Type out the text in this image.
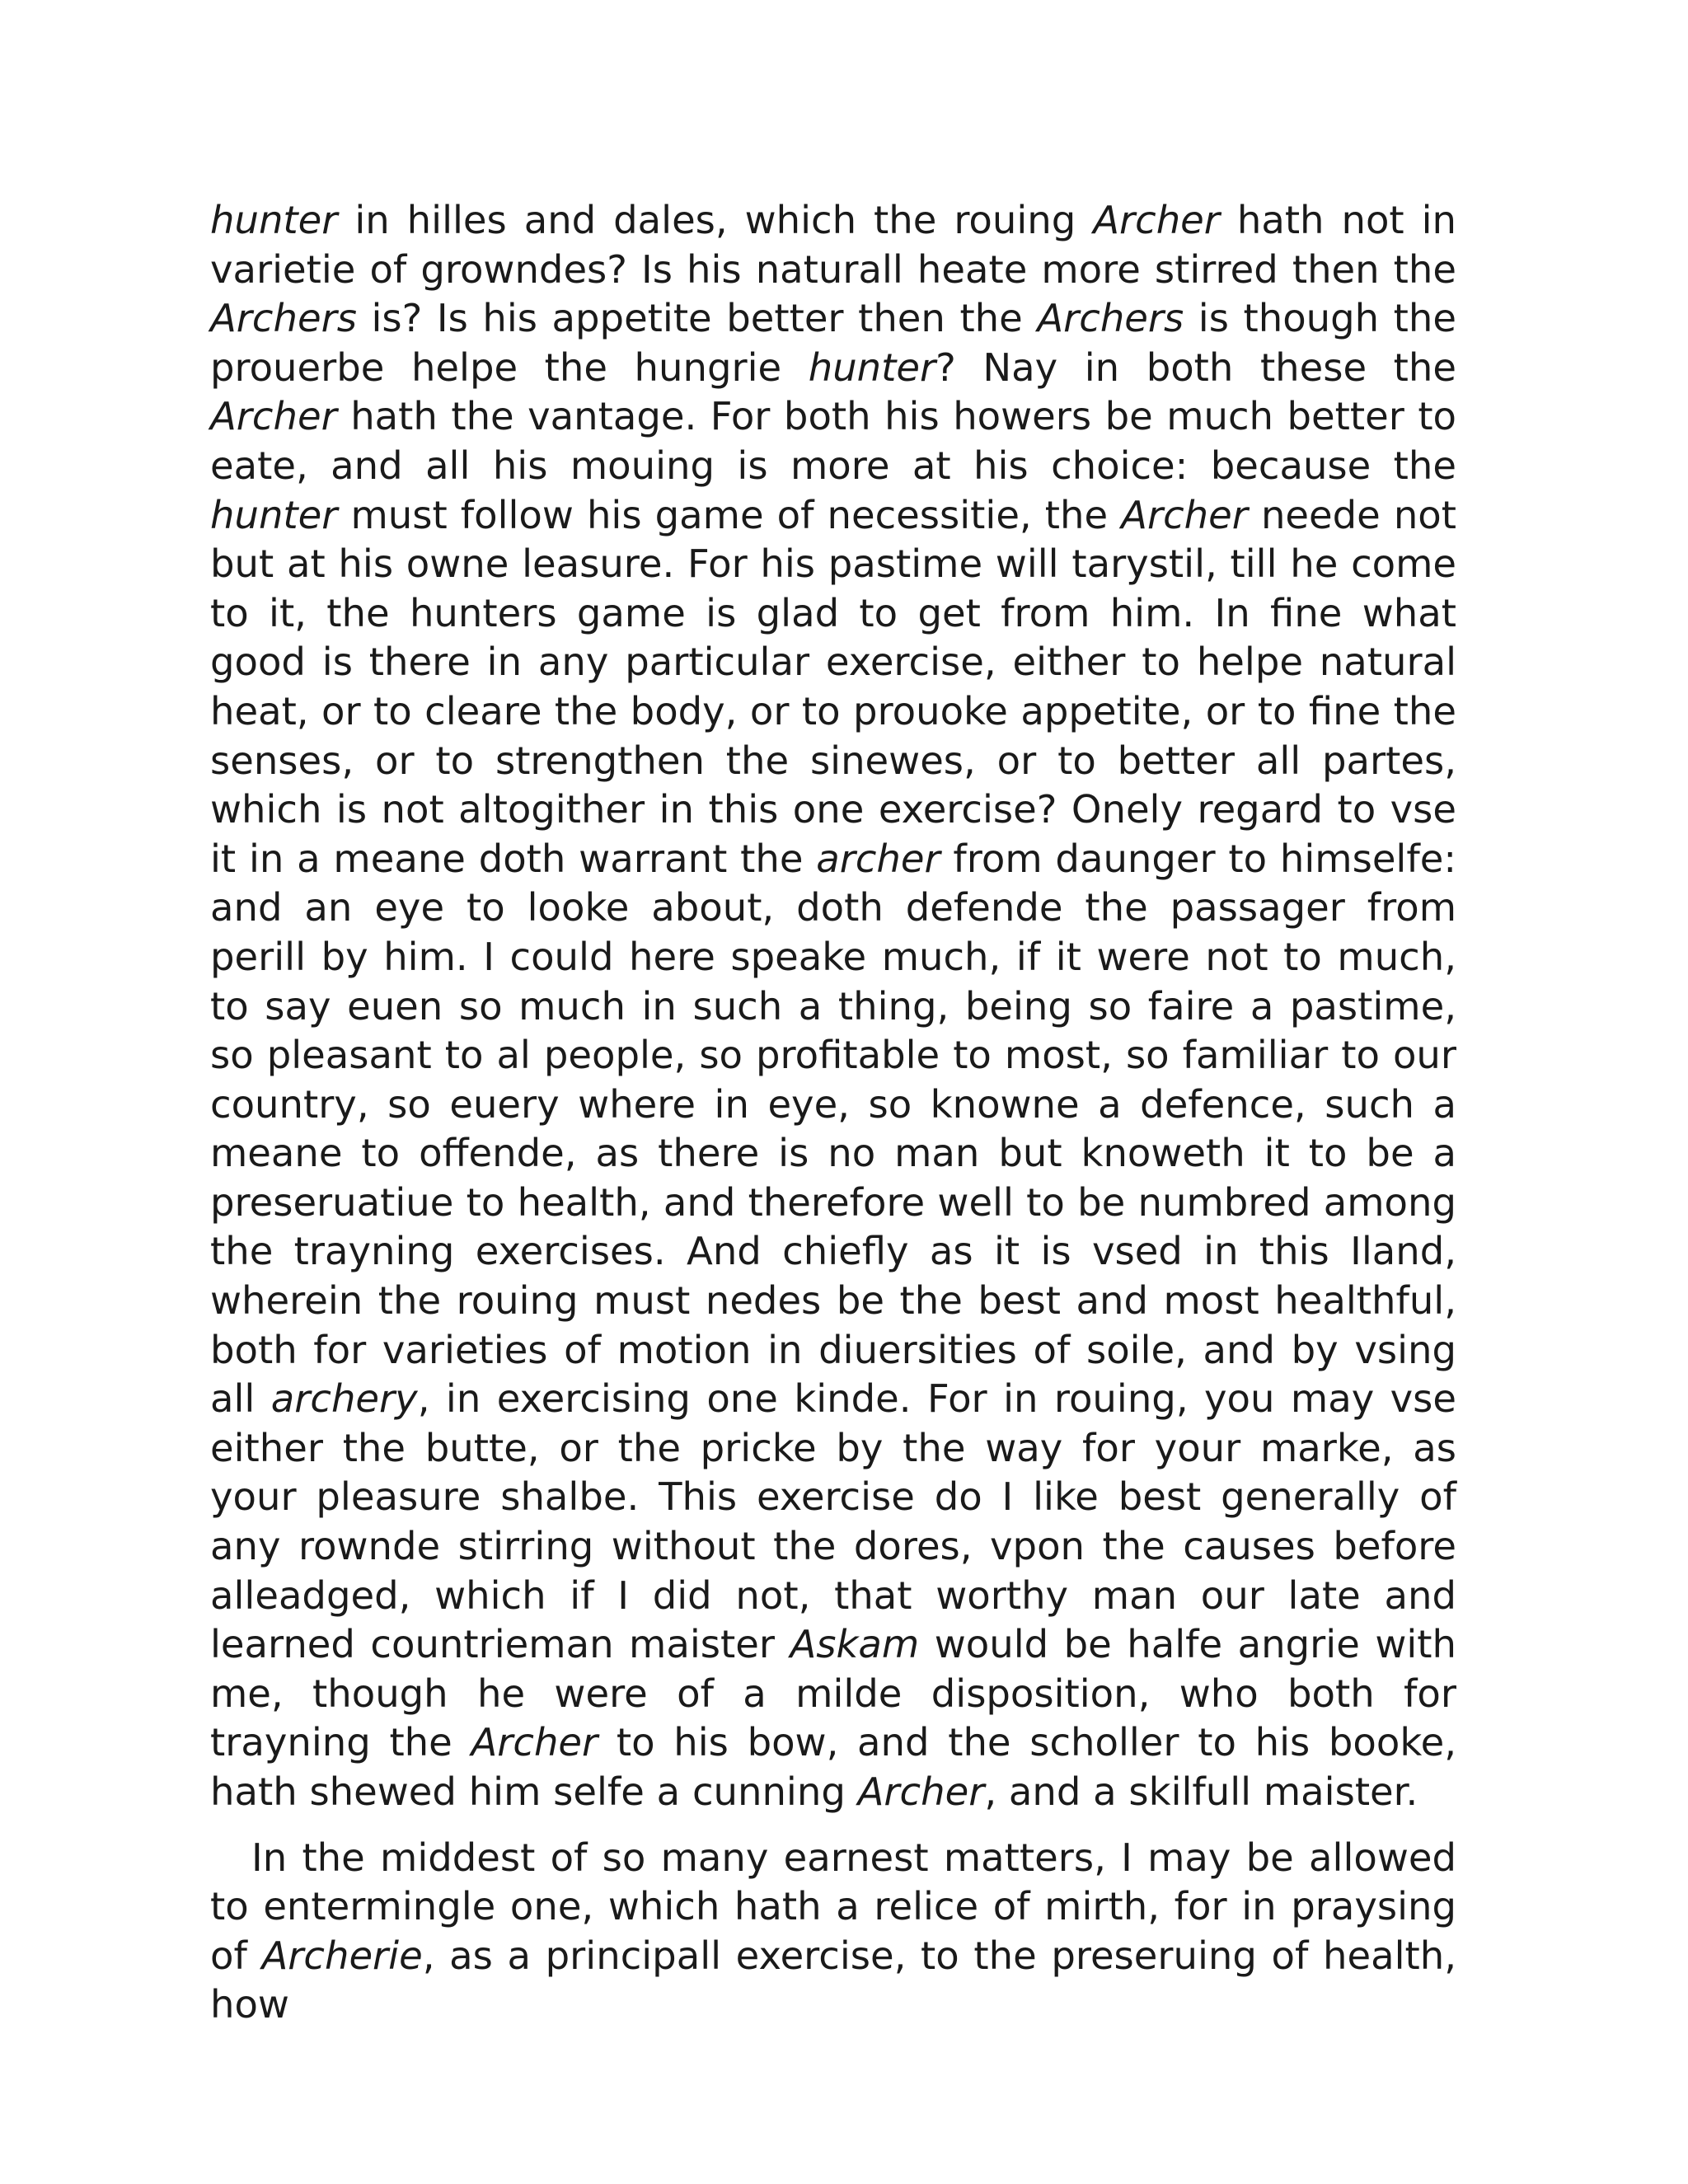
hunter in hilles and dales, which the rouing Archer hath not in varietie of growndes? Is his naturall heate more stirred then the Archers is? Is his appetite better then the Archers is though the prouerbe helpe the hungrie hunter? Nay in both these the Archer hath the vantage. For both his howers be much better to eate, and all his mouing is more at his choice: because the hunter must follow his game of necessitie, the Archer neede not but at his owne leasure. For his pastime will tarystil, till he come to it, the hunters game is glad to get from him. In fine what good is there in any particular exercise, either to helpe natural heat, or to cleare the body, or to prouoke appetite, or to fine the senses, or to strengthen the sinewes, or to better all partes, which is not altogither in this one exercise? Onely regard to vse it in a meane doth warrant the archer from daunger to himselfe: and an eye to looke about, doth defende the passager from perill by him. I could here speake much, if it were not to much, to say euen so much in such a thing, being so faire a pastime, so pleasant to al people, so profitable to most, so familiar to our country, so euery where in eye, so knowne a defence, such a meane to offende, as there is no man but knoweth it to be a preseruatiue to health, and therefore well to be numbred among the trayning exercises. And chiefly as it is vsed in this Iland, wherein the rouing must nedes be the best and most healthful, both for varieties of motion in diuersities of soile, and by vsing all archery, in exercising one kinde. For in rouing, you may vse either the butte, or the pricke by the way for your marke, as your pleasure shalbe. This exercise do I like best generally of any rownde stirring without the dores, vpon the causes before alleadged, which if I did not, that worthy man our late and learned countrieman maister Askam would be halfe angrie with me, though he were of a milde disposition, who both for trayning the Archer to his bow, and the scholler to his booke, hath shewed him selfe a cunning Archer, and a skilfull maister.

In the middest of so many earnest matters, I may be allowed to entermingle one, which hath a relice of mirth, for in praysing of Archerie, as a principall exercise, to the preseruing of health, how
